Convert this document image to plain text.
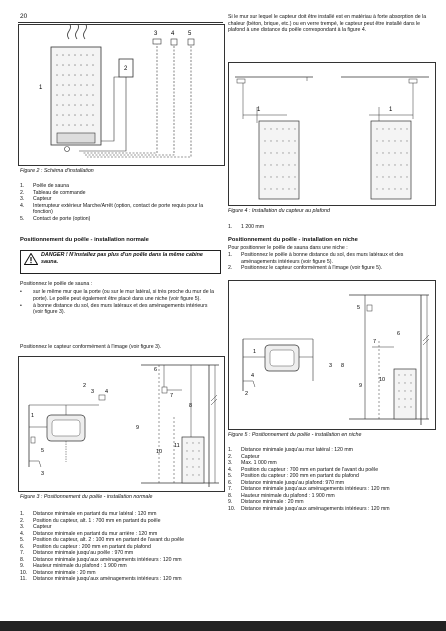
20
1
2
3 4 5
Figure 2 : Schéma d'installation
1.	Poêle de sauna
2.	Tableau de commande
3.	Capteur
4.	Interrupteur extérieur Marche/Arrêt (option, contact de porte requis pour la fonction)
5.	Contact de porte (option)
Positionnement du poêle - installation normale
DANGER ! N'installez pas plus d'un poêle dans la même cabine sauna.
Positionnez le poêle de sauna :
•	sur le même mur que la porte (ou sur le mur latéral, si très proche du mur de la porte). Le poêle peut également être placé dans une niche (voir figure 5).
•	à bonne distance du sol, des murs latéraux et des aménagements intérieurs (voir figure 3).
Positionnez le capteur conformément à l'image (voir figure 3).
1
2
3 4
5
6
7
8
9
10
11
3
Figure 3 : Positionnement du poêle - installation normale
1.	Distance minimale en partant du mur latéral : 120 mm
2.	Position du capteur, alt. 1 : 700 mm en partant du poêle
3.	Capteur
4.	Distance minimale en partant du mur arrière : 120 mm
5.	Position du capteur, alt. 2 : 100 mm en partant de l'avant du poêle
6.	Position du capteur : 200 mm en partant du plafond
7.	Distance minimale jusqu'au poêle : 970 mm
8.	Distance minimale jusqu'aux aménagements intérieurs : 120 mm
9.	Hauteur minimale du plafond : 1 900 mm
10.	Distance minimale : 20 mm
11.	Distance minimale jusqu'aux aménagements intérieurs : 120 mm
Si le mur sur lequel le capteur doit être installé est en matériau à forte absorption de la chaleur (béton, brique, etc.) ou en verre trempé, le capteur peut être installé dans le plafond à une distance du poêle correspondant à la figure 4.
1	1
Figure 4 : Installation du capteur au plafond
1.	1 200 mm
Positionnement du poêle - installation en niche
Pour positionner le poêle de sauna dans une niche :
1.	Positionnez le poêle à bonne distance du sol, des murs latéraux et des aménagements intérieurs (voir figure 5).
2.	Positionnez le capteur conformément à l'image (voir figure 5).
1
2
3
4
5
6
7
8
9
10
Figure 5 : Positionnement du poêle - installation en niche
1.	Distance minimale jusqu'au mur latéral : 120 mm
2.	Capteur
3.	Max. 1 000 mm
4.	Position du capteur : 700 mm en partant de l'avant du poêle
5.	Position du capteur : 200 mm en partant du plafond
6.	Distance minimale jusqu'au plafond: 970 mm
7.	Distance minimale jusqu'aux aménagements intérieurs : 120 mm
8.	Hauteur minimale du plafond : 1 900 mm
9.	Distance minimale : 20 mm
10.	Distance minimale jusqu'aux aménagements intérieurs : 120 mm
